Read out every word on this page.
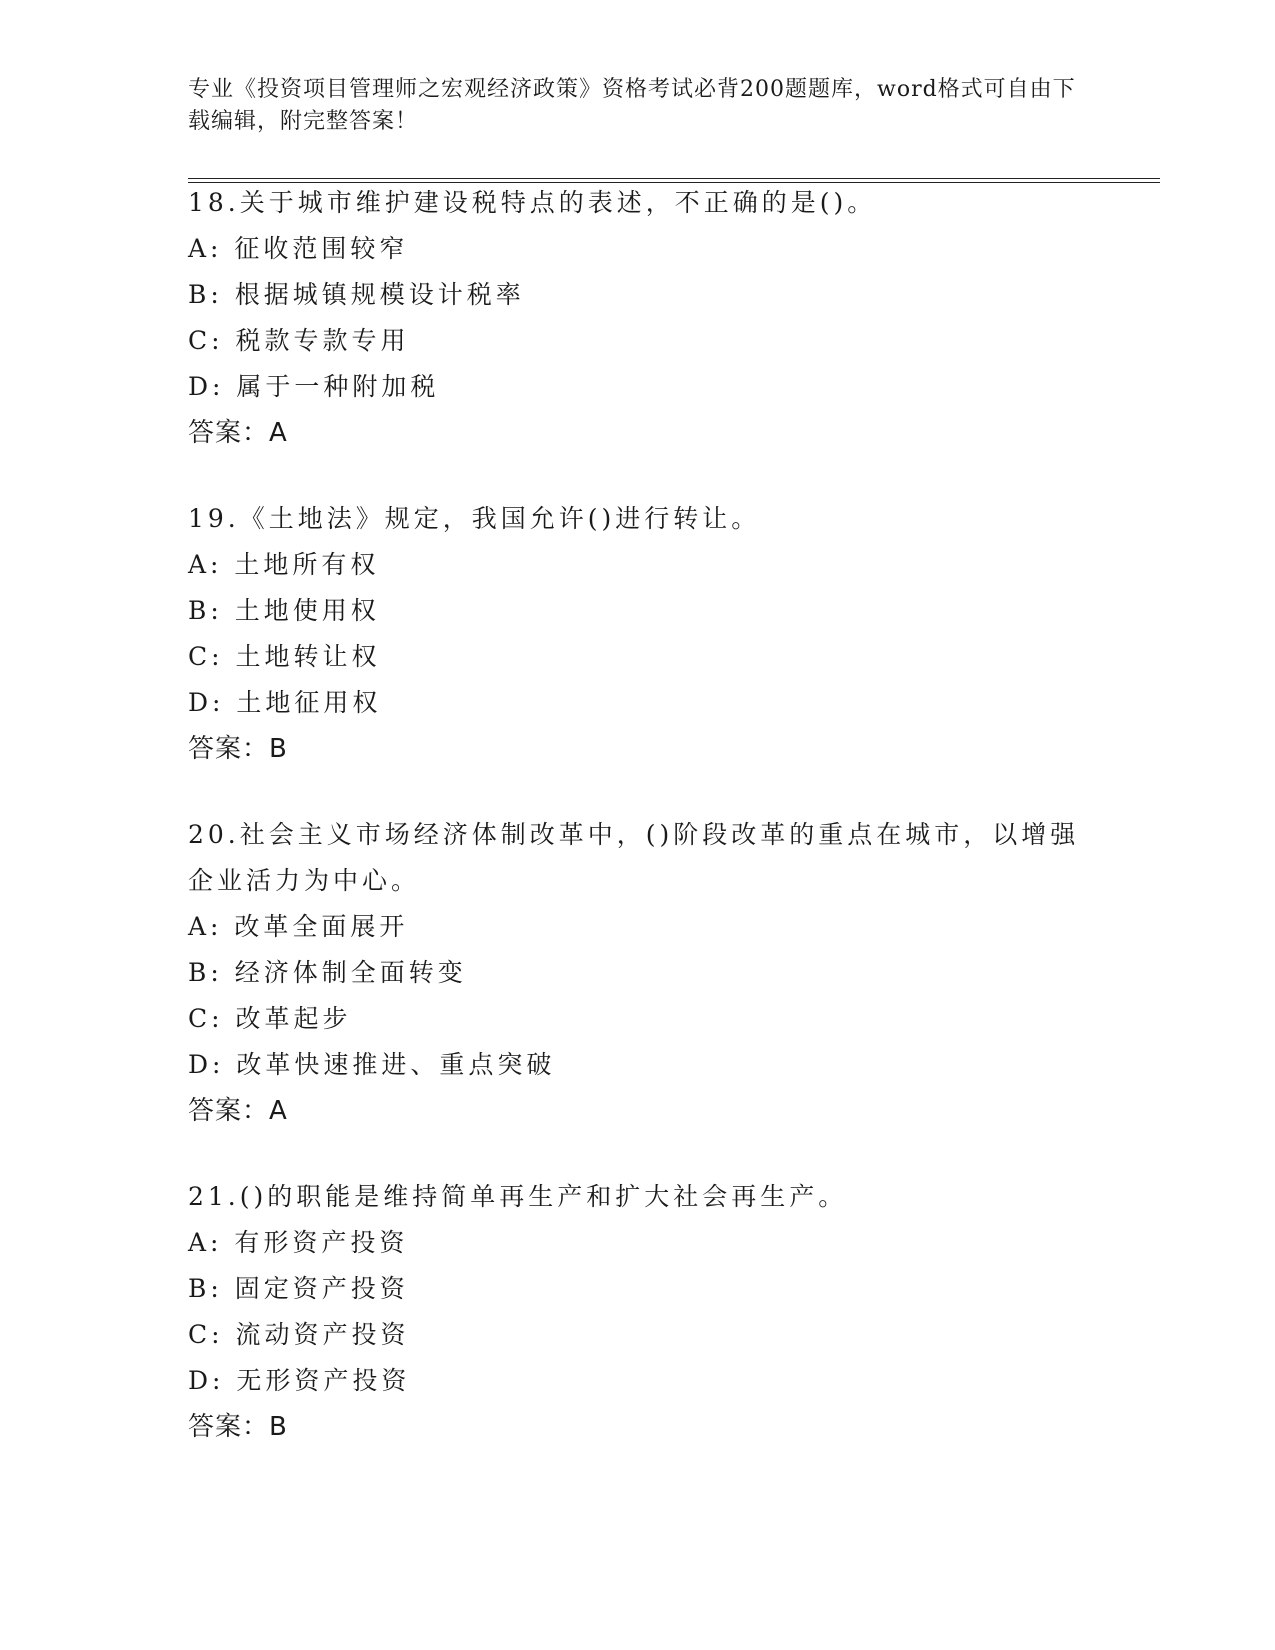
专业《投资项目管理师之宏观经济政策》资格考试必背200题题库，word格式可自由下载编辑，附完整答案！
18.关于城市维护建设税特点的表述，不正确的是()。
A: 征收范围较窄
B: 根据城镇规模设计税率
C: 税款专款专用
D: 属于一种附加税
答案：A
19.《土地法》规定，我国允许()进行转让。
A: 土地所有权
B: 土地使用权
C: 土地转让权
D: 土地征用权
答案：B
20.社会主义市场经济体制改革中，()阶段改革的重点在城市，以增强企业活力为中心。
A: 改革全面展开
B: 经济体制全面转变
C: 改革起步
D: 改革快速推进、重点突破
答案：A
21.()的职能是维持简单再生产和扩大社会再生产。
A: 有形资产投资
B: 固定资产投资
C: 流动资产投资
D: 无形资产投资
答案：B
